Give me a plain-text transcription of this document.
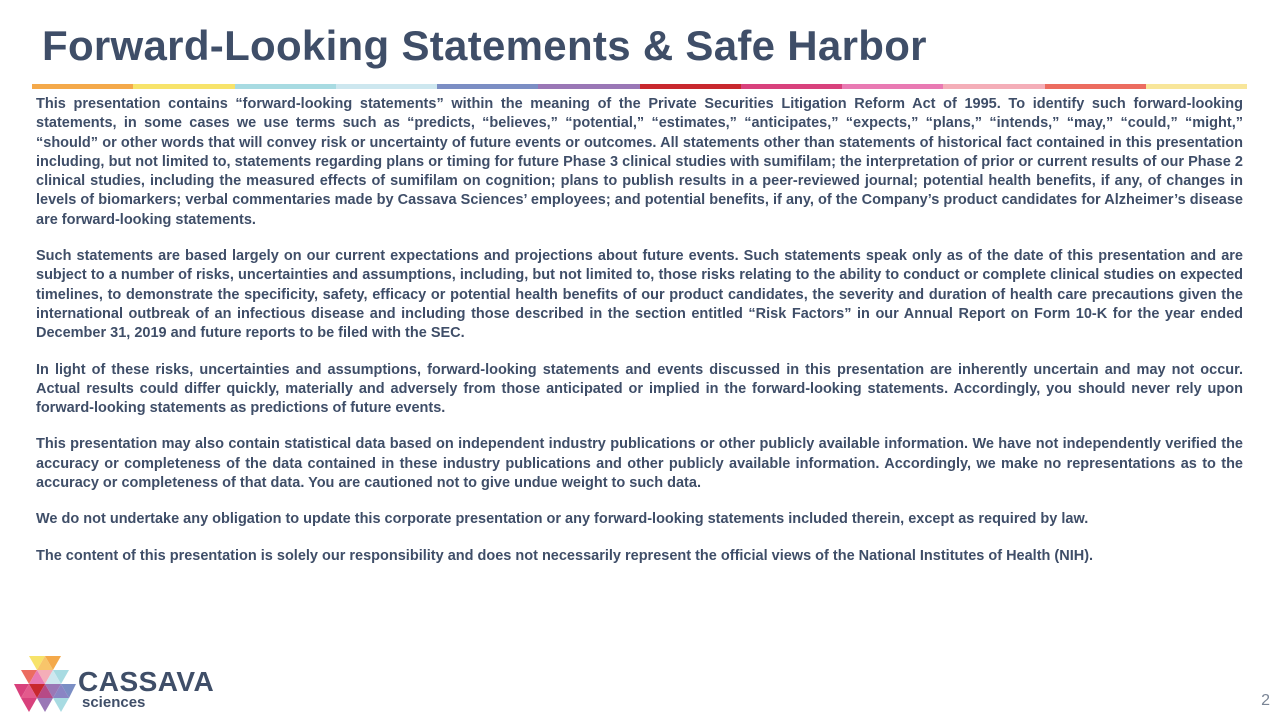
Forward-Looking Statements & Safe Harbor

This presentation contains “forward-looking statements” within the meaning of the Private Securities Litigation Reform Act of 1995. To identify such forward-looking statements, in some cases we use terms such as “predicts, “believes,” “potential,” “estimates,” “anticipates,” “expects,” “plans,” “intends,” “may,” “could,” “might,” “should” or other words that will convey risk or uncertainty of future events or outcomes. All statements other than statements of historical fact contained in this presentation including, but not limited to, statements regarding plans or timing for future Phase 3 clinical studies with sumifilam; the interpretation of prior or current results of our Phase 2 clinical studies, including the measured effects of sumifilam on cognition; plans to publish results in a peer-reviewed journal; potential health benefits, if any, of changes in levels of biomarkers; verbal commentaries made by Cassava Sciences’ employees; and potential benefits, if any, of the Company’s product candidates for Alzheimer’s disease are forward-looking statements.

Such statements are based largely on our current expectations and projections about future events. Such statements speak only as of the date of this presentation and are subject to a number of risks, uncertainties and assumptions, including, but not limited to, those risks relating to the ability to conduct or complete clinical studies on expected timelines, to demonstrate the specificity, safety, efficacy or potential health benefits of our product candidates, the severity and duration of health care precautions given the international outbreak of an infectious disease and including those described in the section entitled “Risk Factors” in our Annual Report on Form 10-K for the year ended December 31, 2019 and future reports to be filed with the SEC.

In light of these risks, uncertainties and assumptions, forward-looking statements and events discussed in this presentation are inherently uncertain and may not occur. Actual results could differ quickly, materially and adversely from those anticipated or implied in the forward-looking statements. Accordingly, you should never rely upon forward-looking statements as predictions of future events.

This presentation may also contain statistical data based on independent industry publications or other publicly available information. We have not independently verified the accuracy or completeness of the data contained in these industry publications and other publicly available information. Accordingly, we make no representations as to the accuracy or completeness of that data. You are cautioned not to give undue weight to such data.

We do not undertake any obligation to update this corporate presentation or any forward-looking statements included therein, except as required by law.

The content of this presentation is solely our responsibility and does not necessarily represent the official views of the National Institutes of Health (NIH).

CASSAVA
sciences	2
